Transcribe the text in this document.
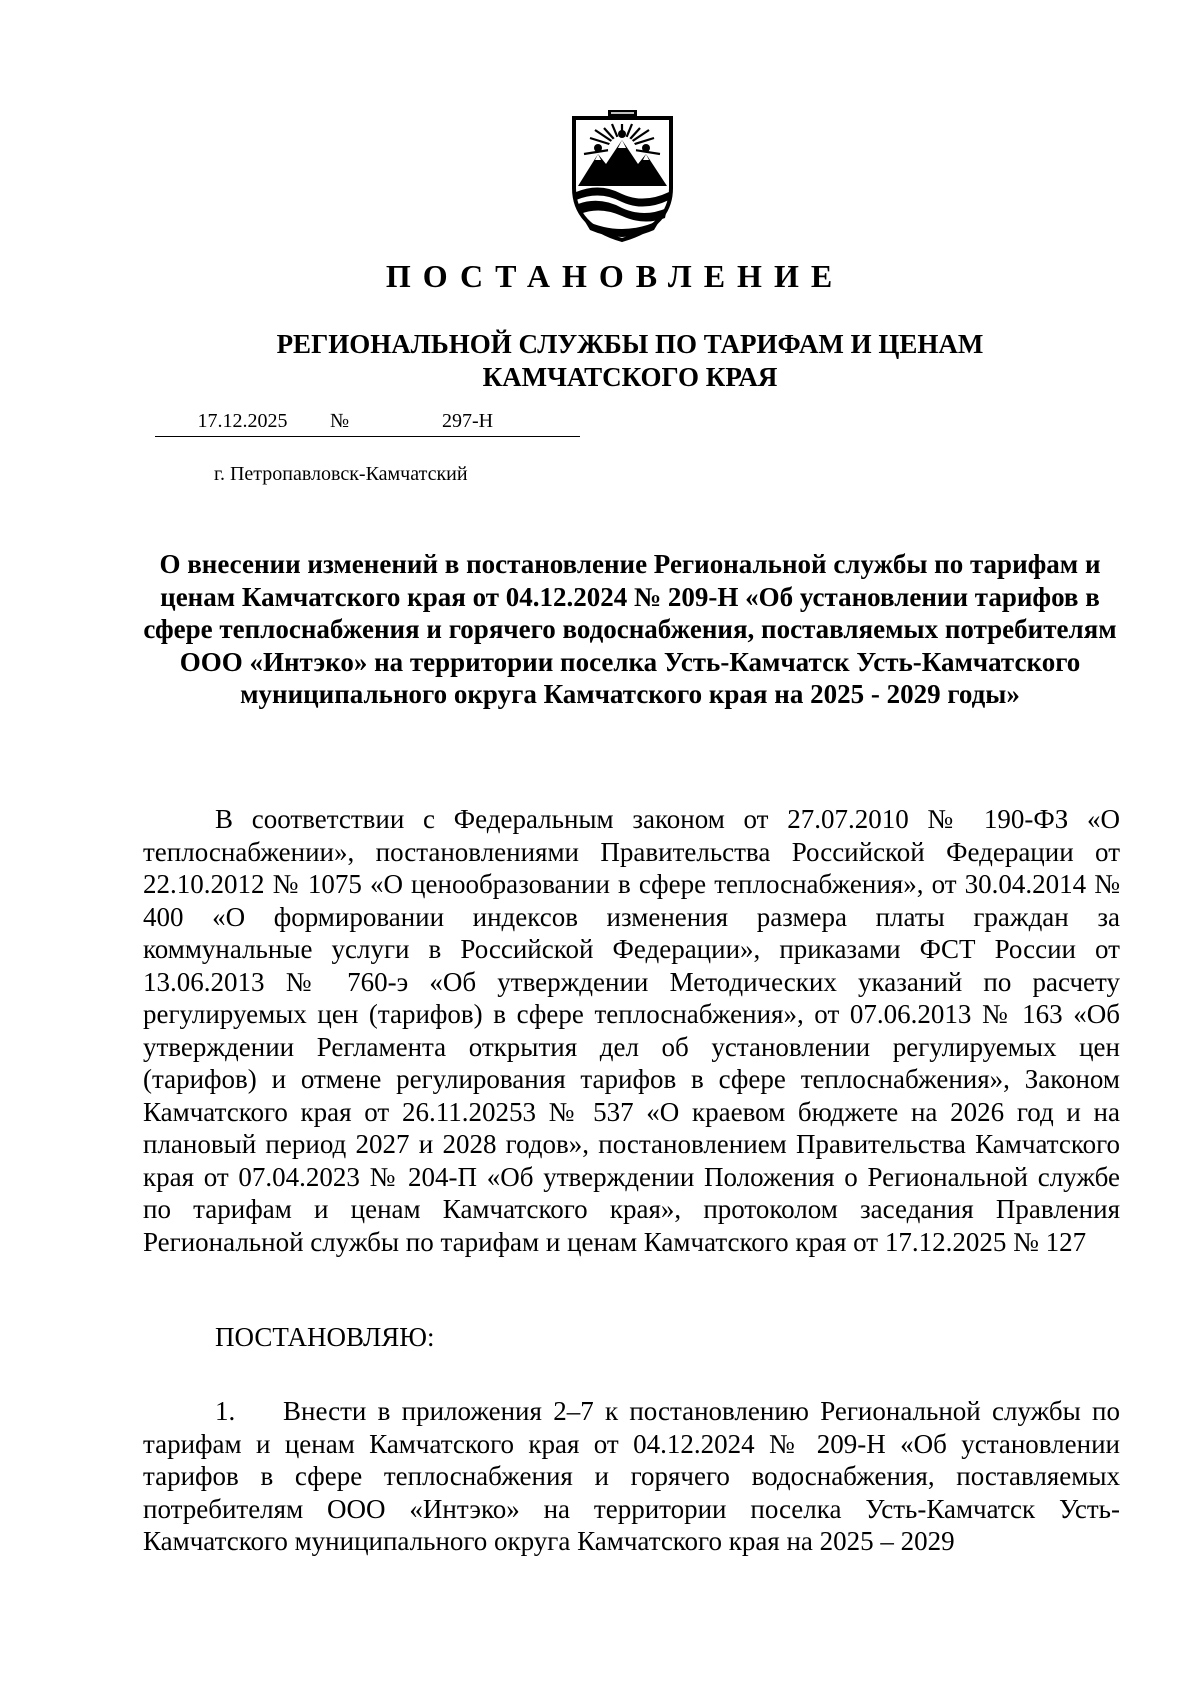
ПОСТАНОВЛЕНИЕ
РЕГИОНАЛЬНОЙ СЛУЖБЫ ПО ТАРИФАМ И ЦЕНАМ
КАМЧАТСКОГО КРАЯ
17.12.2025	№	297-Н
г. Петропавловск-Камчатский
О внесении изменений в постановление Региональной службы по тарифам и ценам Камчатского края от 04.12.2024 № 209-Н «Об установлении тарифов в сфере теплоснабжения и горячего водоснабжения, поставляемых потребителям ООО «Интэко» на территории поселка Усть-Камчатск Усть-Камчатского муниципального округа Камчатского края на 2025 - 2029 годы»

В соответствии с Федеральным законом от 27.07.2010 № 190-ФЗ «О теплоснабжении», постановлениями Правительства Российской Федерации от 22.10.2012 № 1075 «О ценообразовании в сфере теплоснабжения», от 30.04.2014 № 400 «О формировании индексов изменения размера платы граждан за коммунальные услуги в Российской Федерации», приказами ФСТ России от 13.06.2013 № 760-э «Об утверждении Методических указаний по расчету регулируемых цен (тарифов) в сфере теплоснабжения», от 07.06.2013 № 163 «Об утверждении Регламента открытия дел об установлении регулируемых цен (тарифов) и отмене регулирования тарифов в сфере теплоснабжения», Законом Камчатского края от 26.11.20253 № 537 «О краевом бюджете на 2026 год и на плановый период 2027 и 2028 годов», постановлением Правительства Камчатского края от 07.04.2023 № 204-П «Об утверждении Положения о Региональной службе по тарифам и ценам Камчатского края», протоколом заседания Правления Региональной службы по тарифам и ценам Камчатского края от 17.12.2025 № 127

ПОСТАНОВЛЯЮ:

1. Внести в приложения 2–7 к постановлению Региональной службы по тарифам и ценам Камчатского края от 04.12.2024 № 209-Н «Об установлении тарифов в сфере теплоснабжения и горячего водоснабжения, поставляемых потребителям ООО «Интэко» на территории поселка Усть-Камчатск Усть-Камчатского муниципального округа Камчатского края на 2025 – 2029
